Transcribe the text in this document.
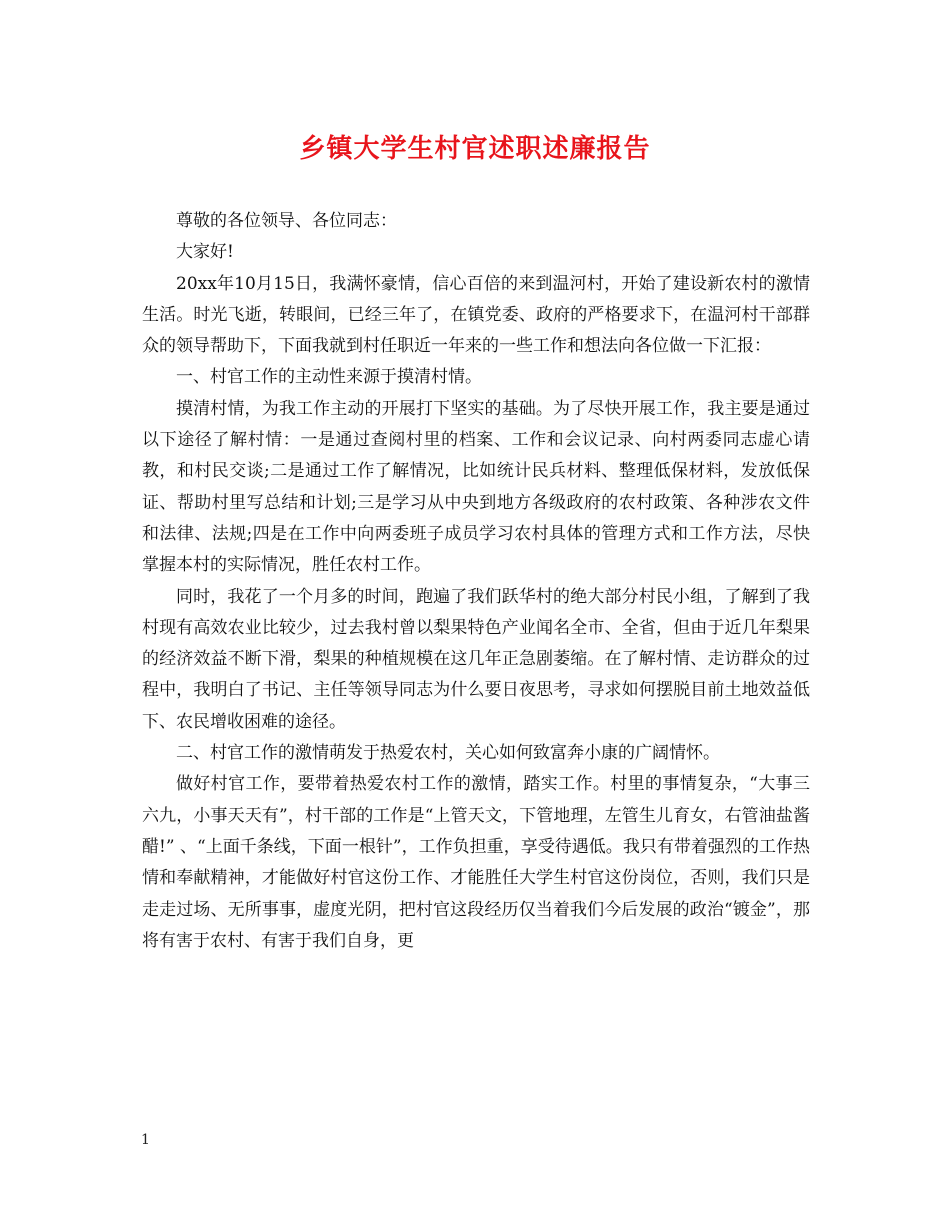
乡镇大学生村官述职述廉报告

尊敬的各位领导、各位同志：

大家好!

20xx年10月15日，我满怀豪情，信心百倍的来到温河村，开始了建设新农村的激情生活。时光飞逝，转眼间，已经三年了，在镇党委、政府的严格要求下，在温河村干部群众的领导帮助下，下面我就到村任职近一年来的一些工作和想法向各位做一下汇报：

一、村官工作的主动性来源于摸清村情。

摸清村情，为我工作主动的开展打下坚实的基础。为了尽快开展工作，我主要是通过以下途径了解村情：一是通过查阅村里的档案、工作和会议记录、向村两委同志虚心请教，和村民交谈;二是通过工作了解情况，比如统计民兵材料、整理低保材料，发放低保证、帮助村里写总结和计划;三是学习从中央到地方各级政府的农村政策、各种涉农文件和法律、法规;四是在工作中向两委班子成员学习农村具体的管理方式和工作方法，尽快掌握本村的实际情况，胜任农村工作。

同时，我花了一个月多的时间，跑遍了我们跃华村的绝大部分村民小组，了解到了我村现有高效农业比较少，过去我村曾以梨果特色产业闻名全市、全省，但由于近几年梨果的经济效益不断下滑，梨果的种植规模在这几年正急剧萎缩。在了解村情、走访群众的过程中，我明白了书记、主任等领导同志为什么要日夜思考，寻求如何摆脱目前土地效益低下、农民增收困难的途径。

二、村官工作的激情萌发于热爱农村，关心如何致富奔小康的广阔情怀。

做好村官工作，要带着热爱农村工作的激情，踏实工作。村里的事情复杂，“大事三六九，小事天天有”，村干部的工作是“上管天文，下管地理，左管生儿育女，右管油盐酱醋!” 、“上面千条线，下面一根针”，工作负担重，享受待遇低。我只有带着强烈的工作热情和奉献精神，才能做好村官这份工作、才能胜任大学生村官这份岗位，否则，我们只是走走过场、无所事事，虚度光阴，把村官这段经历仅当着我们今后发展的政治“镀金”，那将有害于农村、有害于我们自身，更

1
